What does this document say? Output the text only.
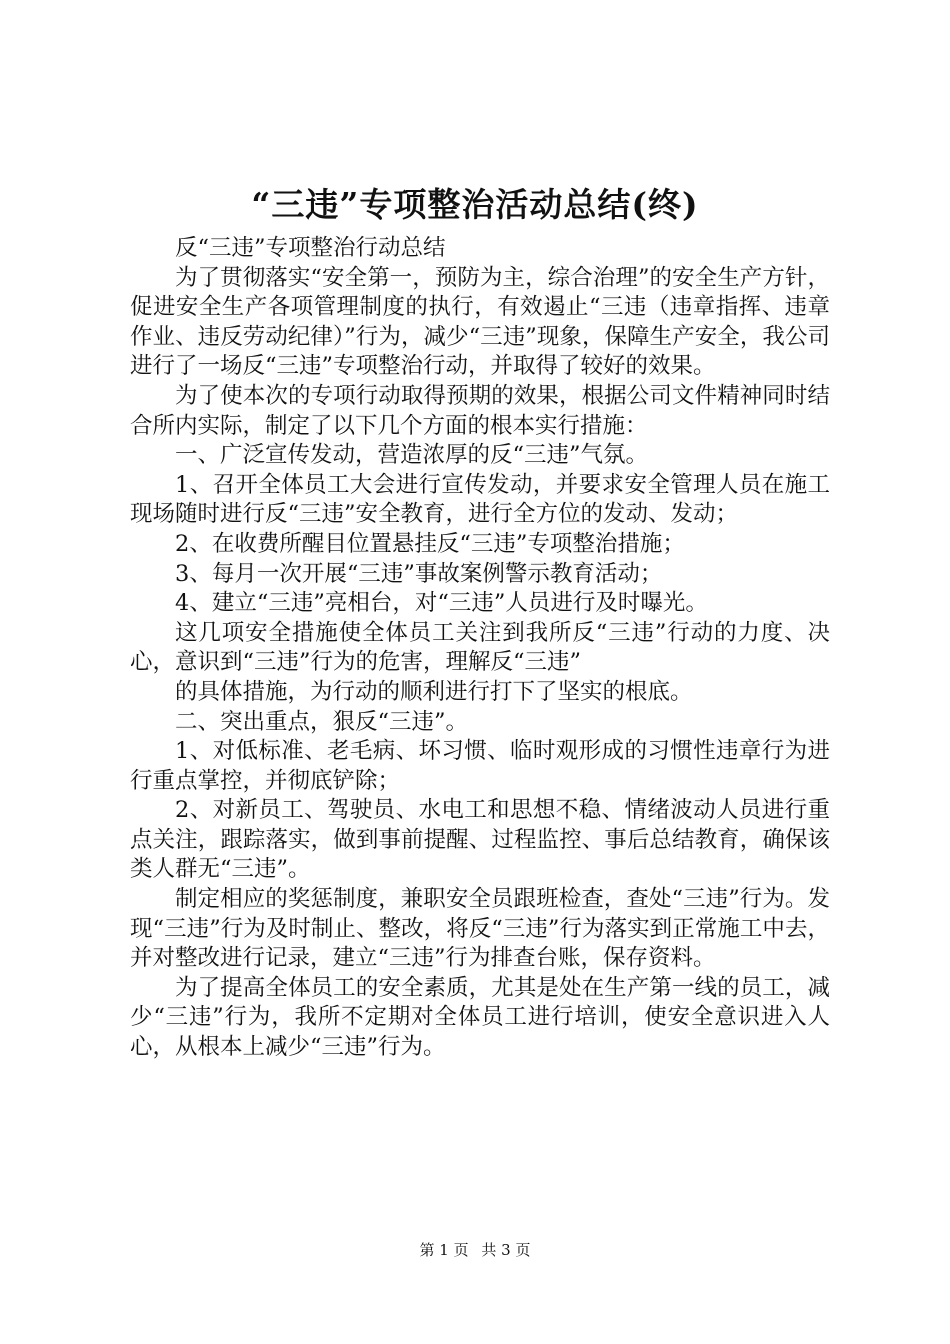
“三违”专项整治活动总结(终)

反“三违”专项整治行动总结

为了贯彻落实“安全第一，预防为主，综合治理”的安全生产方针，促进安全生产各项管理制度的执行，有效遏止“三违（违章指挥、违章作业、违反劳动纪律）”行为，减少“三违”现象，保障生产安全，我公司进行了一场反“三违”专项整治行动，并取得了较好的效果。

为了使本次的专项行动取得预期的效果，根据公司文件精神同时结合所内实际，制定了以下几个方面的根本实行措施：

一、广泛宣传发动，营造浓厚的反“三违”气氛。

1、召开全体员工大会进行宣传发动，并要求安全管理人员在施工现场随时进行反“三违”安全教育，进行全方位的发动、发动；

2、在收费所醒目位置悬挂反“三违”专项整治措施；

3、每月一次开展“三违”事故案例警示教育活动；

4、建立“三违”亮相台，对“三违”人员进行及时曝光。

这几项安全措施使全体员工关注到我所反“三违”行动的力度、决心，意识到“三违”行为的危害，理解反“三违”

的具体措施，为行动的顺利进行打下了坚实的根底。

二、突出重点，狠反“三违”。

1、对低标准、老毛病、坏习惯、临时观形成的习惯性违章行为进行重点掌控，并彻底铲除；

2、对新员工、驾驶员、水电工和思想不稳、情绪波动人员进行重点关注，跟踪落实，做到事前提醒、过程监控、事后总结教育，确保该类人群无“三违”。

制定相应的奖惩制度，兼职安全员跟班检查，查处“三违”行为。发现“三违”行为及时制止、整改，将反“三违”行为落实到正常施工中去，并对整改进行记录，建立“三违”行为排查台账，保存资料。

为了提高全体员工的安全素质，尤其是处在生产第一线的员工，减少“三违”行为，我所不定期对全体员工进行培训，使安全意识进入人心，从根本上减少“三违”行为。

第 1 页 共 3 页
